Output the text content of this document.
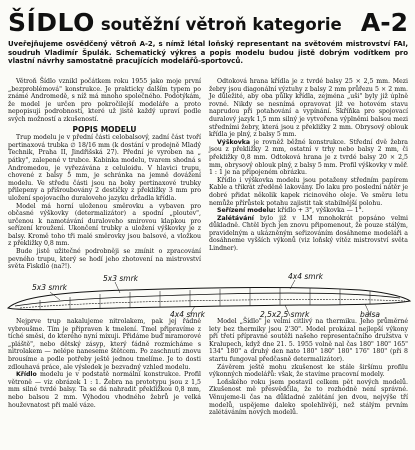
ŠÍDLO soutěžní větroň kategorie A-2
Uveřejňujeme osvědčený větroň A-2, s nímž létal loňský representant na světovém mistrovství FAI, soudruh Vladimír Špulák. Schematický výkres a popis modelu budou jistě dobrým vodítkem pro vlastní návrhy samostatně pracujících modelářů-sportovců.

Větroň Šídlo vznikl počátkem roku 1955 jako moje první „bezproblémová" konstrukce. Je prakticky dalším typem po známé Andromedě, s níž má mnoho společného. Podotýkám, že model je určen pro pokročilejší modeláře a proto nepopisuji podrobnosti, které už jistě každý upraví podle svých možností a zkušeností.

POPIS MODELU

Trup modelu je v přední části celobalsový, zadní část tvoří pertinaxová trubka ∅ 18/16 mm (k dostání v prodejně Mladý Technik, Praha II, Jindřišská 27). Přední je vyroben na „ pátky", zalepené v trubce. Kabinka modelu, tvarem shodná s Andromedou, je vyřezávána z celuloidu. V hlavici trupu, chovené z balsy 5 mm, je schránka na jemně dovážení modelu. Ve středu části jsou na boky pertinaxové trubky přilepeny a přišroubovány 2 destičky z překližky 3 mm pro uložení spojovacího duraloveho jazyku držadla křídla.

Model má horní uloženou směrovku a vybaven pro občasné výškovky (determalizátor) a spodní „ploutev", určenou k namotávání duraloveho smirovou klapkou pro seřízení kroužení. Ukončení trubky a uložení výškovky je z balsy. Kromě toho tři malé směrovky jsou balsové, a vložkou z překližky 0,8 mm.

Bude jistě užitečné podrobněji se zmínit o zpracování pevného trupu, který se hodí jeho zhotovení na mistrovství světa Fiskdlo (na?!).

Odtoková hrana křídla je z tvrdé balsy 25 × 2,5 mm. Mezi žebry jsou diagonální výztuhy z balsy 2 mm průřezu 5 × 2 mm. Je důležité, aby oba půlky křídla, zejména „uši" byly již úplně rovné. Nikdy se nesnímá opravovat již ve hotovém stavu naprudou při potahování a vypínání. Skříňka pro spojovací duralový jazyk 1,5 mm silný je vytvořena výplněmi balsou mezi středními žebry, která jsou z překližky 2 mm. Obrysový oblouk křídla je plný, z balsy 5 mm.

Výškovka je rovněž běžné konstrukce. Střední dvě žebra jsou z překližky 2 mm, ostatní v trhy nebo balsy 2 mm, či překližky 0,8 mm. Odtoková hrana je z tvrdé balsy 20 × 2,5 mm, obrysový oblouk plný, z balsy 5 mm. Profil výškovky v měř. 1 : 1 je na připojeném obrázku.

Křídlo i výškovka modelu jsou potaženy středním papírem Kable a třikrát zředěně lakovány. Do laku pro poslední nátěr je dobré přidat několik kapek ricinového oleje. Ve směru letu nemůže přírůstek potahu zajistit tak stabilnější polohu.

Seřízení modelu: křídlo + 3°, výškovka — 1°.

Zalétávání bylo již v LM mnohokrát popsáno velmi důkladně. Chtěl bych jen znovu připomenout, že pouze stálým, pravidelným a ukázněným seřizováním dosáhneme modeláři a dosáhneme vyšších výkonů (viz loňský vítěz mistrovství světa Lindner).

4x4 smrk
5x3 smrk
5x3 smrk
4x4 smrk	2,5x2,5 smrk	balsa

Nejprve trup nakalujeme nitrolakem, pak jej řádně vybroušme. Tím je připraven k tmelení. Tmel připravíme z tiché směsi, do kterého nyní mixuji. Přidáme buď mramorové „pláště", nebo dětský zásyp, který ťádně rozmícháme s nitrolakem — nelépe naneseme štětcem. Po zaschnutí znovu brousíme a podle potřeby ještě jednou tmelíme. Je to dosti zdlouhavá práce, ale výsledek je bezvadný vzhled modelu.

Křídlo modelu je v podstatě normální konstrukce. Profil větroně — viz obrázek 1 : 1. Žebra na prototypu jsou z 1,5 mm silné tvrdé balsy. Ta se dá nahradit překližkou 0,8 mm, nebo balsou 2 mm. Výhodou vhodného žebrů je velká houževnatost při malé váze.

Model „Šídlo" je velmi citlivý na thermiku. Jeho průměrné lety bez thermiky jsou 2'30". Model prokázal nejlepší výkony při třetí přípravné soutěži našeho representačního družstva v Kralupech, když dne 21. 5. 1955 volně nal čas 180" 180" 165" 134" 180" a druhý den nato 180" 180" 180" 176" 180" (při 8 startu fungoval předčasně determalizátor).

Závěrem ještě mohu zkušenost ke stále širšímu profilu výkonných modelářů: však, že stavíme pracovní modely.

Loňského roku jsem postavil celkem pět nových modelů. Zkušenost mě přesvědčila, že to rozhodně není správné. Věnujeme-li čas na důkladné zalétání jen dvou, nejvýše tří modelů, uspějeme daleko spolehlivěji, než stálým prvním zalétáváním nových modelů.
